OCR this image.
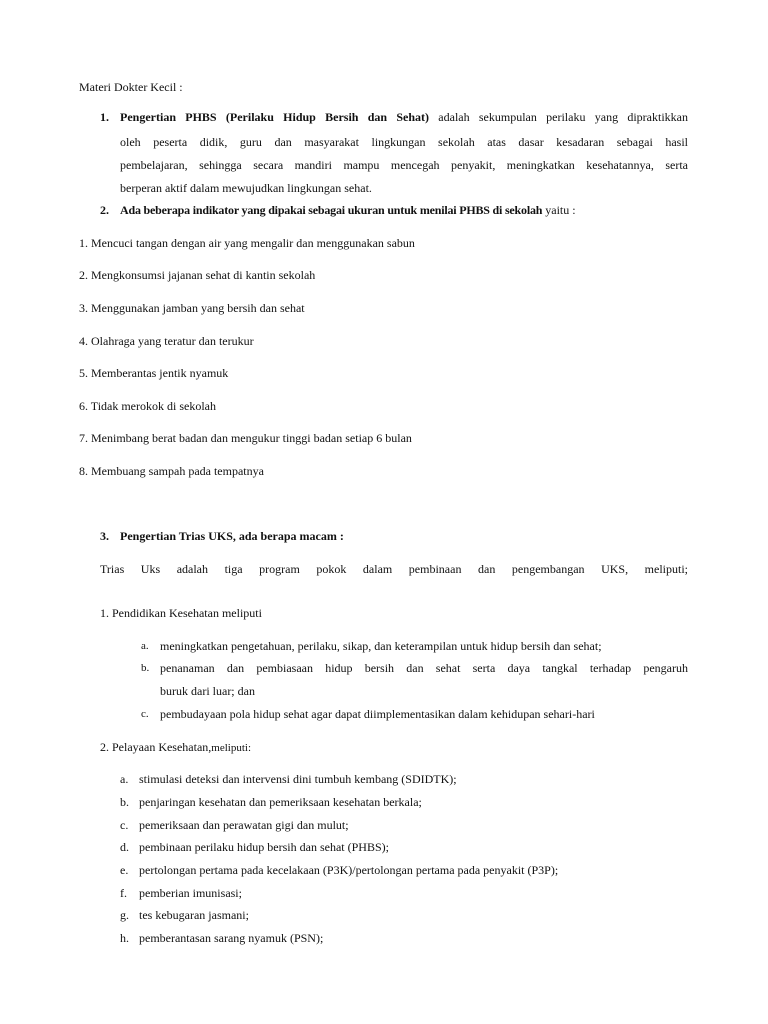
Materi Dokter Kecil :
1. Pengertian PHBS (Perilaku Hidup Bersih dan Sehat) adalah sekumpulan perilaku yang dipraktikkan
oleh peserta didik, guru dan masyarakat lingkungan sekolah atas dasar kesadaran sebagai hasil
pembelajaran, sehingga secara mandiri mampu mencegah penyakit, meningkatkan kesehatannya, serta
berperan aktif dalam mewujudkan lingkungan sehat.
2. Ada beberapa indikator yang dipakai sebagai ukuran untuk menilai PHBS di sekolah yaitu :
1. Mencuci tangan dengan air yang mengalir dan menggunakan sabun
2. Mengkonsumsi jajanan sehat di kantin sekolah
3. Menggunakan jamban yang bersih dan sehat
4. Olahraga yang teratur dan terukur
5. Memberantas jentik nyamuk
6. Tidak merokok di sekolah
7. Menimbang berat badan dan mengukur tinggi badan setiap 6 bulan
8. Membuang sampah pada tempatnya
3. Pengertian Trias UKS, ada berapa macam :
Trias Uks adalah tiga program pokok dalam pembinaan dan pengembangan UKS, meliputi;
1. Pendidikan Kesehatan meliputi
a. meningkatkan pengetahuan, perilaku, sikap, dan keterampilan untuk hidup bersih dan sehat;
b. penanaman dan pembiasaan hidup bersih dan sehat serta daya tangkal terhadap pengaruh
buruk dari luar; dan
c. pembudayaan pola hidup sehat agar dapat diimplementasikan dalam kehidupan sehari-hari
2. Pelayaan Kesehatan,meliputi:
a. stimulasi deteksi dan intervensi dini tumbuh kembang (SDIDTK);
b. penjaringan kesehatan dan pemeriksaan kesehatan berkala;
c. pemeriksaan dan perawatan gigi dan mulut;
d. pembinaan perilaku hidup bersih dan sehat (PHBS);
e. pertolongan pertama pada kecelakaan (P3K)/pertolongan pertama pada penyakit (P3P);
f. pemberian imunisasi;
g. tes kebugaran jasmani;
h. pemberantasan sarang nyamuk (PSN);
